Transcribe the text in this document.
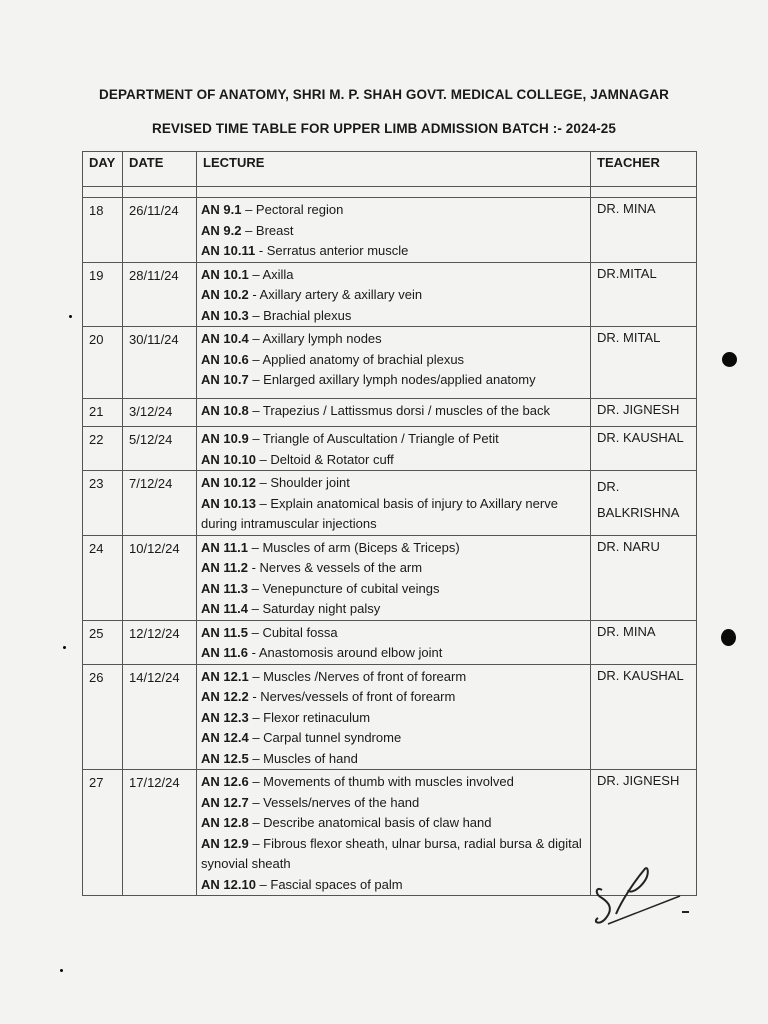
DEPARTMENT OF ANATOMY, SHRI M. P. SHAH GOVT. MEDICAL COLLEGE, JAMNAGAR
REVISED TIME TABLE FOR UPPER LIMB ADMISSION BATCH :- 2024-25
DAY	DATE	LECTURE	TEACHER

18	26/11/24	AN 9.1 – Pectoral region
AN 9.2 – Breast
AN 10.11 - Serratus anterior muscle	DR. MINA
19	28/11/24	AN 10.1 – Axilla
AN 10.2 - Axillary artery & axillary vein
AN 10.3 – Brachial plexus	DR.MITAL
20	30/11/24	AN 10.4 – Axillary lymph nodes
AN 10.6 – Applied anatomy of brachial plexus
AN 10.7 – Enlarged axillary lymph nodes/applied anatomy	DR. MITAL
21	3/12/24	AN 10.8 – Trapezius / Lattissmus dorsi / muscles of the back	DR. JIGNESH
22	5/12/24	AN 10.9 – Triangle of Auscultation / Triangle of Petit
AN 10.10 – Deltoid & Rotator cuff	DR. KAUSHAL
23	7/12/24	AN 10.12 – Shoulder joint
AN 10.13 – Explain anatomical basis of injury to Axillary nerve during intramuscular injections	DR. BALKRISHNA
24	10/12/24	AN 11.1 – Muscles of arm (Biceps & Triceps)
AN 11.2 - Nerves & vessels of the arm
AN 11.3 – Venepuncture of cubital veings
AN 11.4 – Saturday night palsy	DR. NARU
25	12/12/24	AN 11.5 – Cubital fossa
AN 11.6 - Anastomosis around elbow joint	DR. MINA
26	14/12/24	AN 12.1 – Muscles /Nerves of front of forearm
AN 12.2 - Nerves/vessels of front of forearm
AN 12.3 – Flexor retinaculum
AN 12.4 – Carpal tunnel syndrome
AN 12.5 – Muscles of hand	DR. KAUSHAL
27	17/12/24	AN 12.6 – Movements of thumb with muscles involved
AN 12.7 – Vessels/nerves of the hand
AN 12.8 – Describe anatomical basis of claw hand
AN 12.9 – Fibrous flexor sheath, ulnar bursa, radial bursa & digital synovial sheath
AN 12.10 – Fascial spaces of palm	DR. JIGNESH
